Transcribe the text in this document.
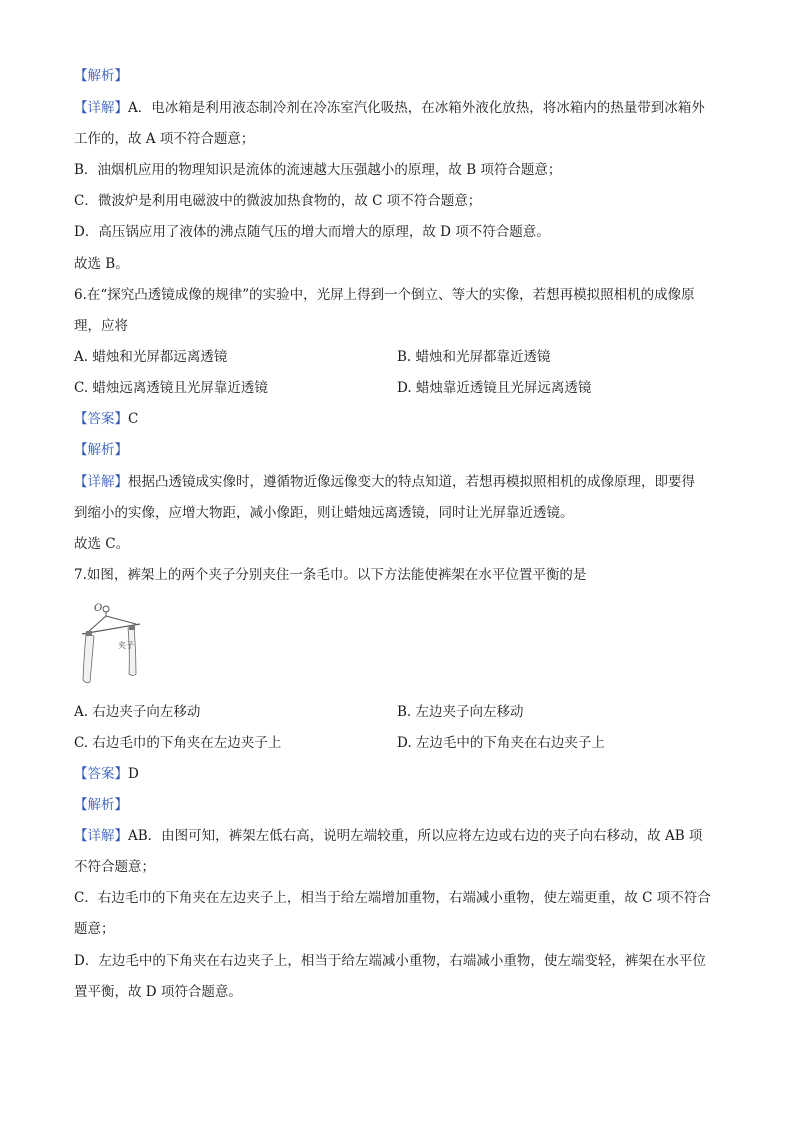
【解析】
【详解】A．电冰箱是利用液态制冷剂在冷冻室汽化吸热，在冰箱外液化放热，将冰箱内的热量带到冰箱外
工作的，故 A 项不符合题意；
B．油烟机应用的物理知识是流体的流速越大压强越小的原理，故 B 项符合题意；
C．微波炉是利用电磁波中的微波加热食物的，故 C 项不符合题意；
D．高压锅应用了液体的沸点随气压的增大而增大的原理，故 D 项不符合题意。
故选 B。
6.在“探究凸透镜成像的规律”的实验中，光屏上得到一个倒立、等大的实像，若想再模拟照相机的成像原
理，应将
A. 蜡烛和光屏都远离透镜	B. 蜡烛和光屏都靠近透镜
C. 蜡烛远离透镜且光屏靠近透镜	D. 蜡烛靠近透镜且光屏远离透镜
【答案】C
【解析】
【详解】根据凸透镜成实像时，遵循物近像远像变大的特点知道，若想再模拟照相机的成像原理，即要得
到缩小的实像，应增大物距，减小像距，则让蜡烛远离透镜，同时让光屏靠近透镜。
故选 C。
7.如图，裤架上的两个夹子分别夹住一条毛巾。以下方法能使裤架在水平位置平衡的是
O
夹子
A. 右边夹子向左移动	B. 左边夹子向左移动
C. 右边毛巾的下角夹在左边夹子上	D. 左边毛中的下角夹在右边夹子上
【答案】D
【解析】
【详解】AB．由图可知，裤架左低右高，说明左端较重，所以应将左边或右边的夹子向右移动，故 AB 项
不符合题意；
C．右边毛巾的下角夹在左边夹子上，相当于给左端增加重物，右端减小重物，使左端更重，故 C 项不符合
题意；
D．左边毛中的下角夹在右边夹子上，相当于给左端减小重物，右端减小重物，使左端变轻，裤架在水平位
置平衡，故 D 项符合题意。
